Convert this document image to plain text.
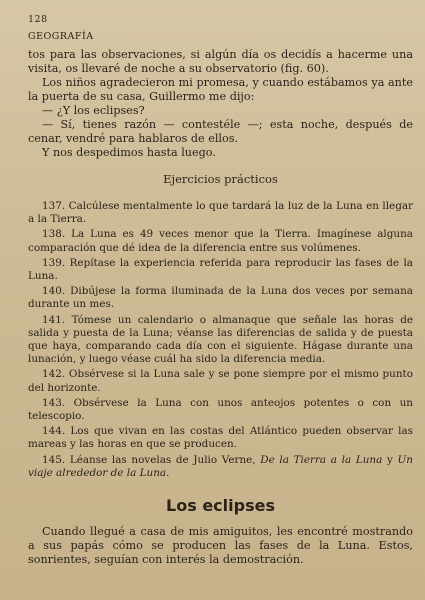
128
GEOGRAFÍA

tos para las observaciones, si algún día os decidís a hacerme una visita, os llevaré de noche a su observatorio (fig. 60).

Los niños agradecieron mi promesa, y cuando estábamos ya ante la puerta de su casa, Guillermo me dijo:

— ¿Y los eclipses?

— Sí, tienes razón — contestéle —; esta noche, después de cenar, vendré para hablaros de ellos.

Y nos despedimos hasta luego.

Ejercicios prácticos

137. Calcúlese mentalmente lo que tardará la luz de la Luna en llegar a la Tierra.

138. La Luna es 49 veces menor que la Tierra. Imagínese alguna comparación que dé idea de la diferencia entre sus volúmenes.

139. Repítase la experiencia referida para reproducir las fases de la Luna.

140. Dibújese la forma iluminada de la Luna dos veces por semana durante un mes.

141. Tómese un calendario o almanaque que señale las horas de salida y puesta de la Luna; véanse las diferencias de salida y de puesta que haya, comparando cada día con el siguiente. Hágase durante una lunación, y luego véase cuál ha sido la diferencia media.

142. Obsérvese si la Luna sale y se pone siempre por el mismo punto del horizonte.

143. Obsérvese la Luna con unos anteojos potentes o con un telescopio.

144. Los que vivan en las costas del Atlántico pueden observar las mareas y las horas en que se producen.

145. Léanse las novelas de Julio Verne, De la Tierra a la Luna y Un viaje alrededor de la Luna.

Los eclipses

Cuando llegué a casa de mis amiguitos, les encontré mostrando a sus papás cómo se producen las fases de la Luna. Estos, sonrientes, seguían con interés la demostración.
